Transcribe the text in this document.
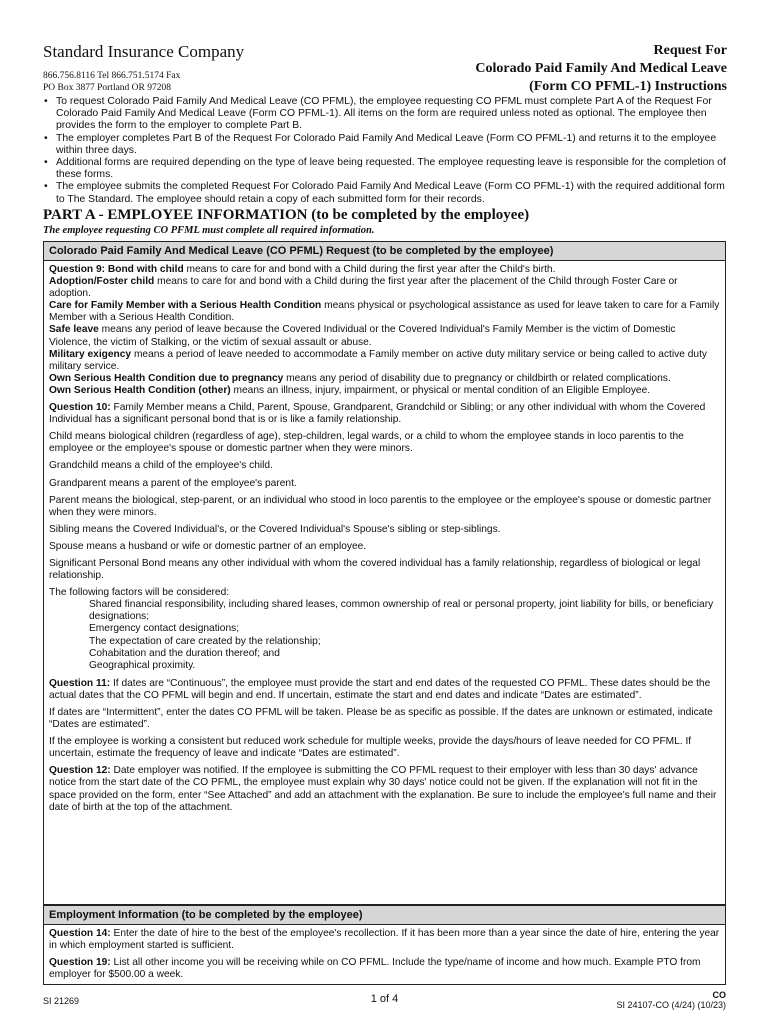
Standard Insurance Company
866.756.8116 Tel 866.751.5174 Fax
PO Box 3877 Portland OR 97208
Request For
Colorado Paid Family And Medical Leave
(Form CO PFML-1) Instructions
• To request Colorado Paid Family And Medical Leave (CO PFML), the employee requesting CO PFML must complete Part A of the Request For Colorado Paid Family And Medical Leave (Form CO PFML-1). All items on the form are required unless noted as optional. The employee then provides the form to the employer to complete Part B.
• The employer completes Part B of the Request For Colorado Paid Family And Medical Leave (Form CO PFML-1) and returns it to the employee within three days.
• Additional forms are required depending on the type of leave being requested. The employee requesting leave is responsible for the completion of these forms.
• The employee submits the completed Request For Colorado Paid Family And Medical Leave (Form CO PFML-1) with the required additional form to The Standard. The employee should retain a copy of each submitted form for their records.
PART A - EMPLOYEE INFORMATION (to be completed by the employee)
The employee requesting CO PFML must complete all required information.
Colorado Paid Family And Medical Leave (CO PFML) Request (to be completed by the employee)

Question 9: Bond with child means to care for and bond with a Child during the first year after the Child's birth.

Adoption/Foster child means to care for and bond with a Child during the first year after the placement of the Child through Foster Care or adoption.

Care for Family Member with a Serious Health Condition means physical or psychological assistance as used for leave taken to care for a Family Member with a Serious Health Condition.

Safe leave means any period of leave because the Covered Individual or the Covered Individual's Family Member is the victim of Domestic Violence, the victim of Stalking, or the victim of sexual assault or abuse.

Military exigency means a period of leave needed to accommodate a Family member on active duty military service or being called to active duty military service.

Own Serious Health Condition due to pregnancy means any period of disability due to pregnancy or childbirth or related complications.

Own Serious Health Condition (other) means an illness, injury, impairment, or physical or mental condition of an Eligible Employee.

Question 10: Family Member means a Child, Parent, Spouse, Grandparent, Grandchild or Sibling; or any other individual with whom the Covered Individual has a significant personal bond that is or is like a family relationship.

Child means biological children (regardless of age), step-children, legal wards, or a child to whom the employee stands in loco parentis to the employee or the employee's spouse or domestic partner when they were minors.

Grandchild means a child of the employee's child.

Grandparent means a parent of the employee's parent.

Parent means the biological, step-parent, or an individual who stood in loco parentis to the employee or the employee's spouse or domestic partner when they were minors.

Sibling means the Covered Individual's, or the Covered Individual's Spouse's sibling or step-siblings.

Spouse means a husband or wife or domestic partner of an employee.

Significant Personal Bond means any other individual with whom the covered individual has a family relationship, regardless of biological or legal relationship.

The following factors will be considered:

Shared financial responsibility, including shared leases, common ownership of real or personal property, joint liability for bills, or beneficiary designations;
Emergency contact designations;
The expectation of care created by the relationship;
Cohabitation and the duration thereof; and
Geographical proximity.

Question 11: If dates are “Continuous”, the employee must provide the start and end dates of the requested CO PFML. These dates should be the actual dates that the CO PFML will begin and end. If uncertain, estimate the start and end dates and indicate “Dates are estimated”.

If dates are “Intermittent”, enter the dates CO PFML will be taken. Please be as specific as possible. If the dates are unknown or estimated, indicate “Dates are estimated”.

If the employee is working a consistent but reduced work schedule for multiple weeks, provide the days/hours of leave needed for CO PFML. If uncertain, estimate the frequency of leave and indicate “Dates are estimated”.

Question 12: Date employer was notified. If the employee is submitting the CO PFML request to their employer with less than 30 days' advance notice from the start date of the CO PFML, the employee must explain why 30 days' notice could not be given. If the explanation will not fit in the space provided on the form, enter “See Attached” and add an attachment with the explanation. Be sure to include the employee's full name and their date of birth at the top of the attachment.

Employment Information (to be completed by the employee)

Question 14: Enter the date of hire to the best of the employee's recollection. If it has been more than a year since the date of hire, entering the year in which employment started is sufficient.

Question 19: List all other income you will be receiving while on CO PFML. Include the type/name of income and how much. Example PTO from employer for $500.00 a week.

SI 21269	1 of 4	CO
SI 24107-CO (4/24) (10/23)
